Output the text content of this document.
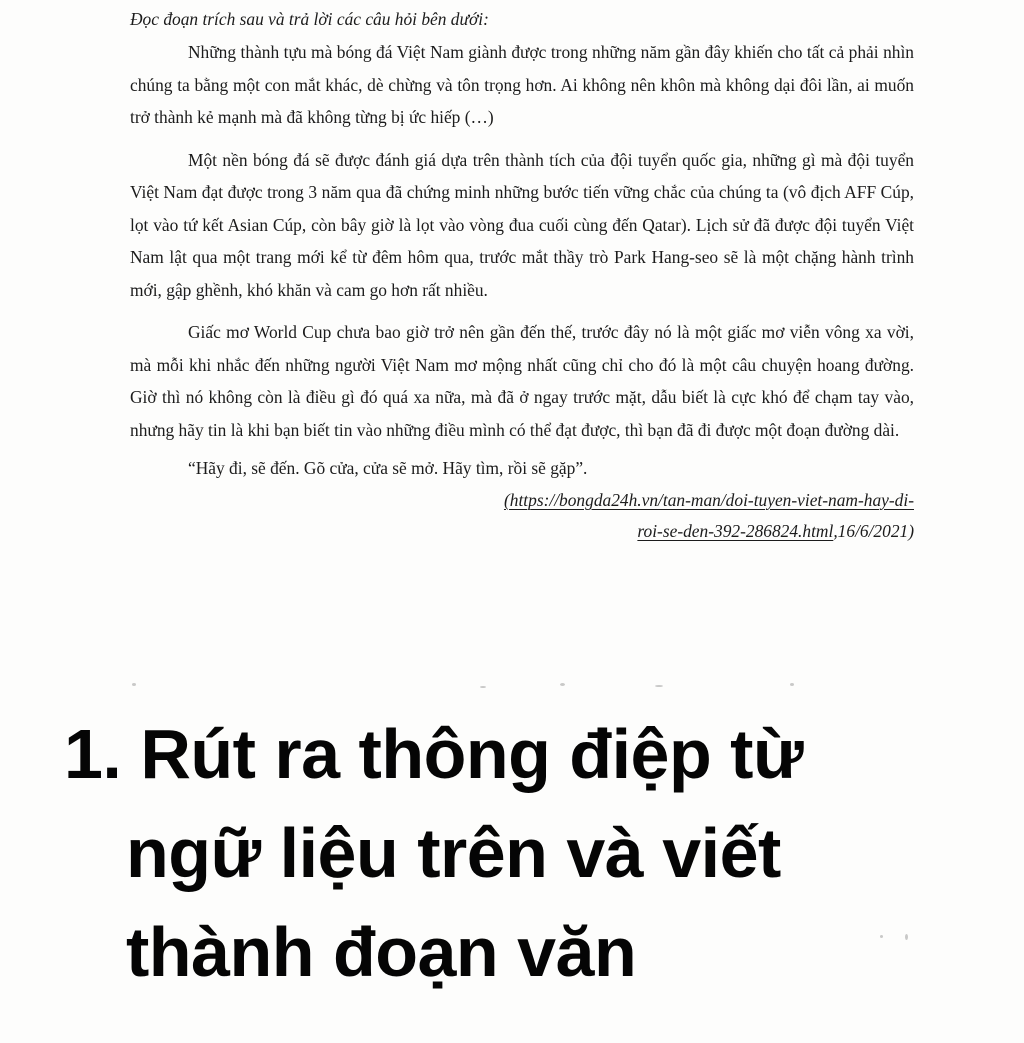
Đọc đoạn trích sau và trả lời các câu hỏi bên dưới:

Những thành tựu mà bóng đá Việt Nam giành được trong những năm gần đây khiến cho tất cả phải nhìn chúng ta bằng một con mắt khác, dè chừng và tôn trọng hơn. Ai không nên khôn mà không dại đôi lần, ai muốn trở thành kẻ mạnh mà đã không từng bị ức hiếp (…)

Một nền bóng đá sẽ được đánh giá dựa trên thành tích của đội tuyển quốc gia, những gì mà đội tuyển Việt Nam đạt được trong 3 năm qua đã chứng minh những bước tiến vững chắc của chúng ta (vô địch AFF Cúp, lọt vào tứ kết Asian Cúp, còn bây giờ là lọt vào vòng đua cuối cùng đến Qatar). Lịch sử đã được đội tuyển Việt Nam lật qua một trang mới kể từ đêm hôm qua, trước mắt thầy trò Park Hang-seo sẽ là một chặng hành trình mới, gập ghềnh, khó khăn và cam go hơn rất nhiều.

Giấc mơ World Cup chưa bao giờ trở nên gần đến thế, trước đây nó là một giấc mơ viễn vông xa vời, mà mỗi khi nhắc đến những người Việt Nam mơ mộng nhất cũng chỉ cho đó là một câu chuyện hoang đường. Giờ thì nó không còn là điều gì đó quá xa nữa, mà đã ở ngay trước mặt, dẫu biết là cực khó để chạm tay vào, nhưng hãy tin là khi bạn biết tin vào những điều mình có thể đạt được, thì bạn đã đi được một đoạn đường dài.

“Hãy đi, sẽ đến. Gõ cửa, cửa sẽ mở. Hãy tìm, rồi sẽ gặp”.

(https://bongda24h.vn/tan-man/doi-tuyen-viet-nam-hay-di-

roi-se-den-392-286824.html,16/6/2021)

1. Rút ra thông điệp từ
ngữ liệu trên và viết
thành đoạn văn
